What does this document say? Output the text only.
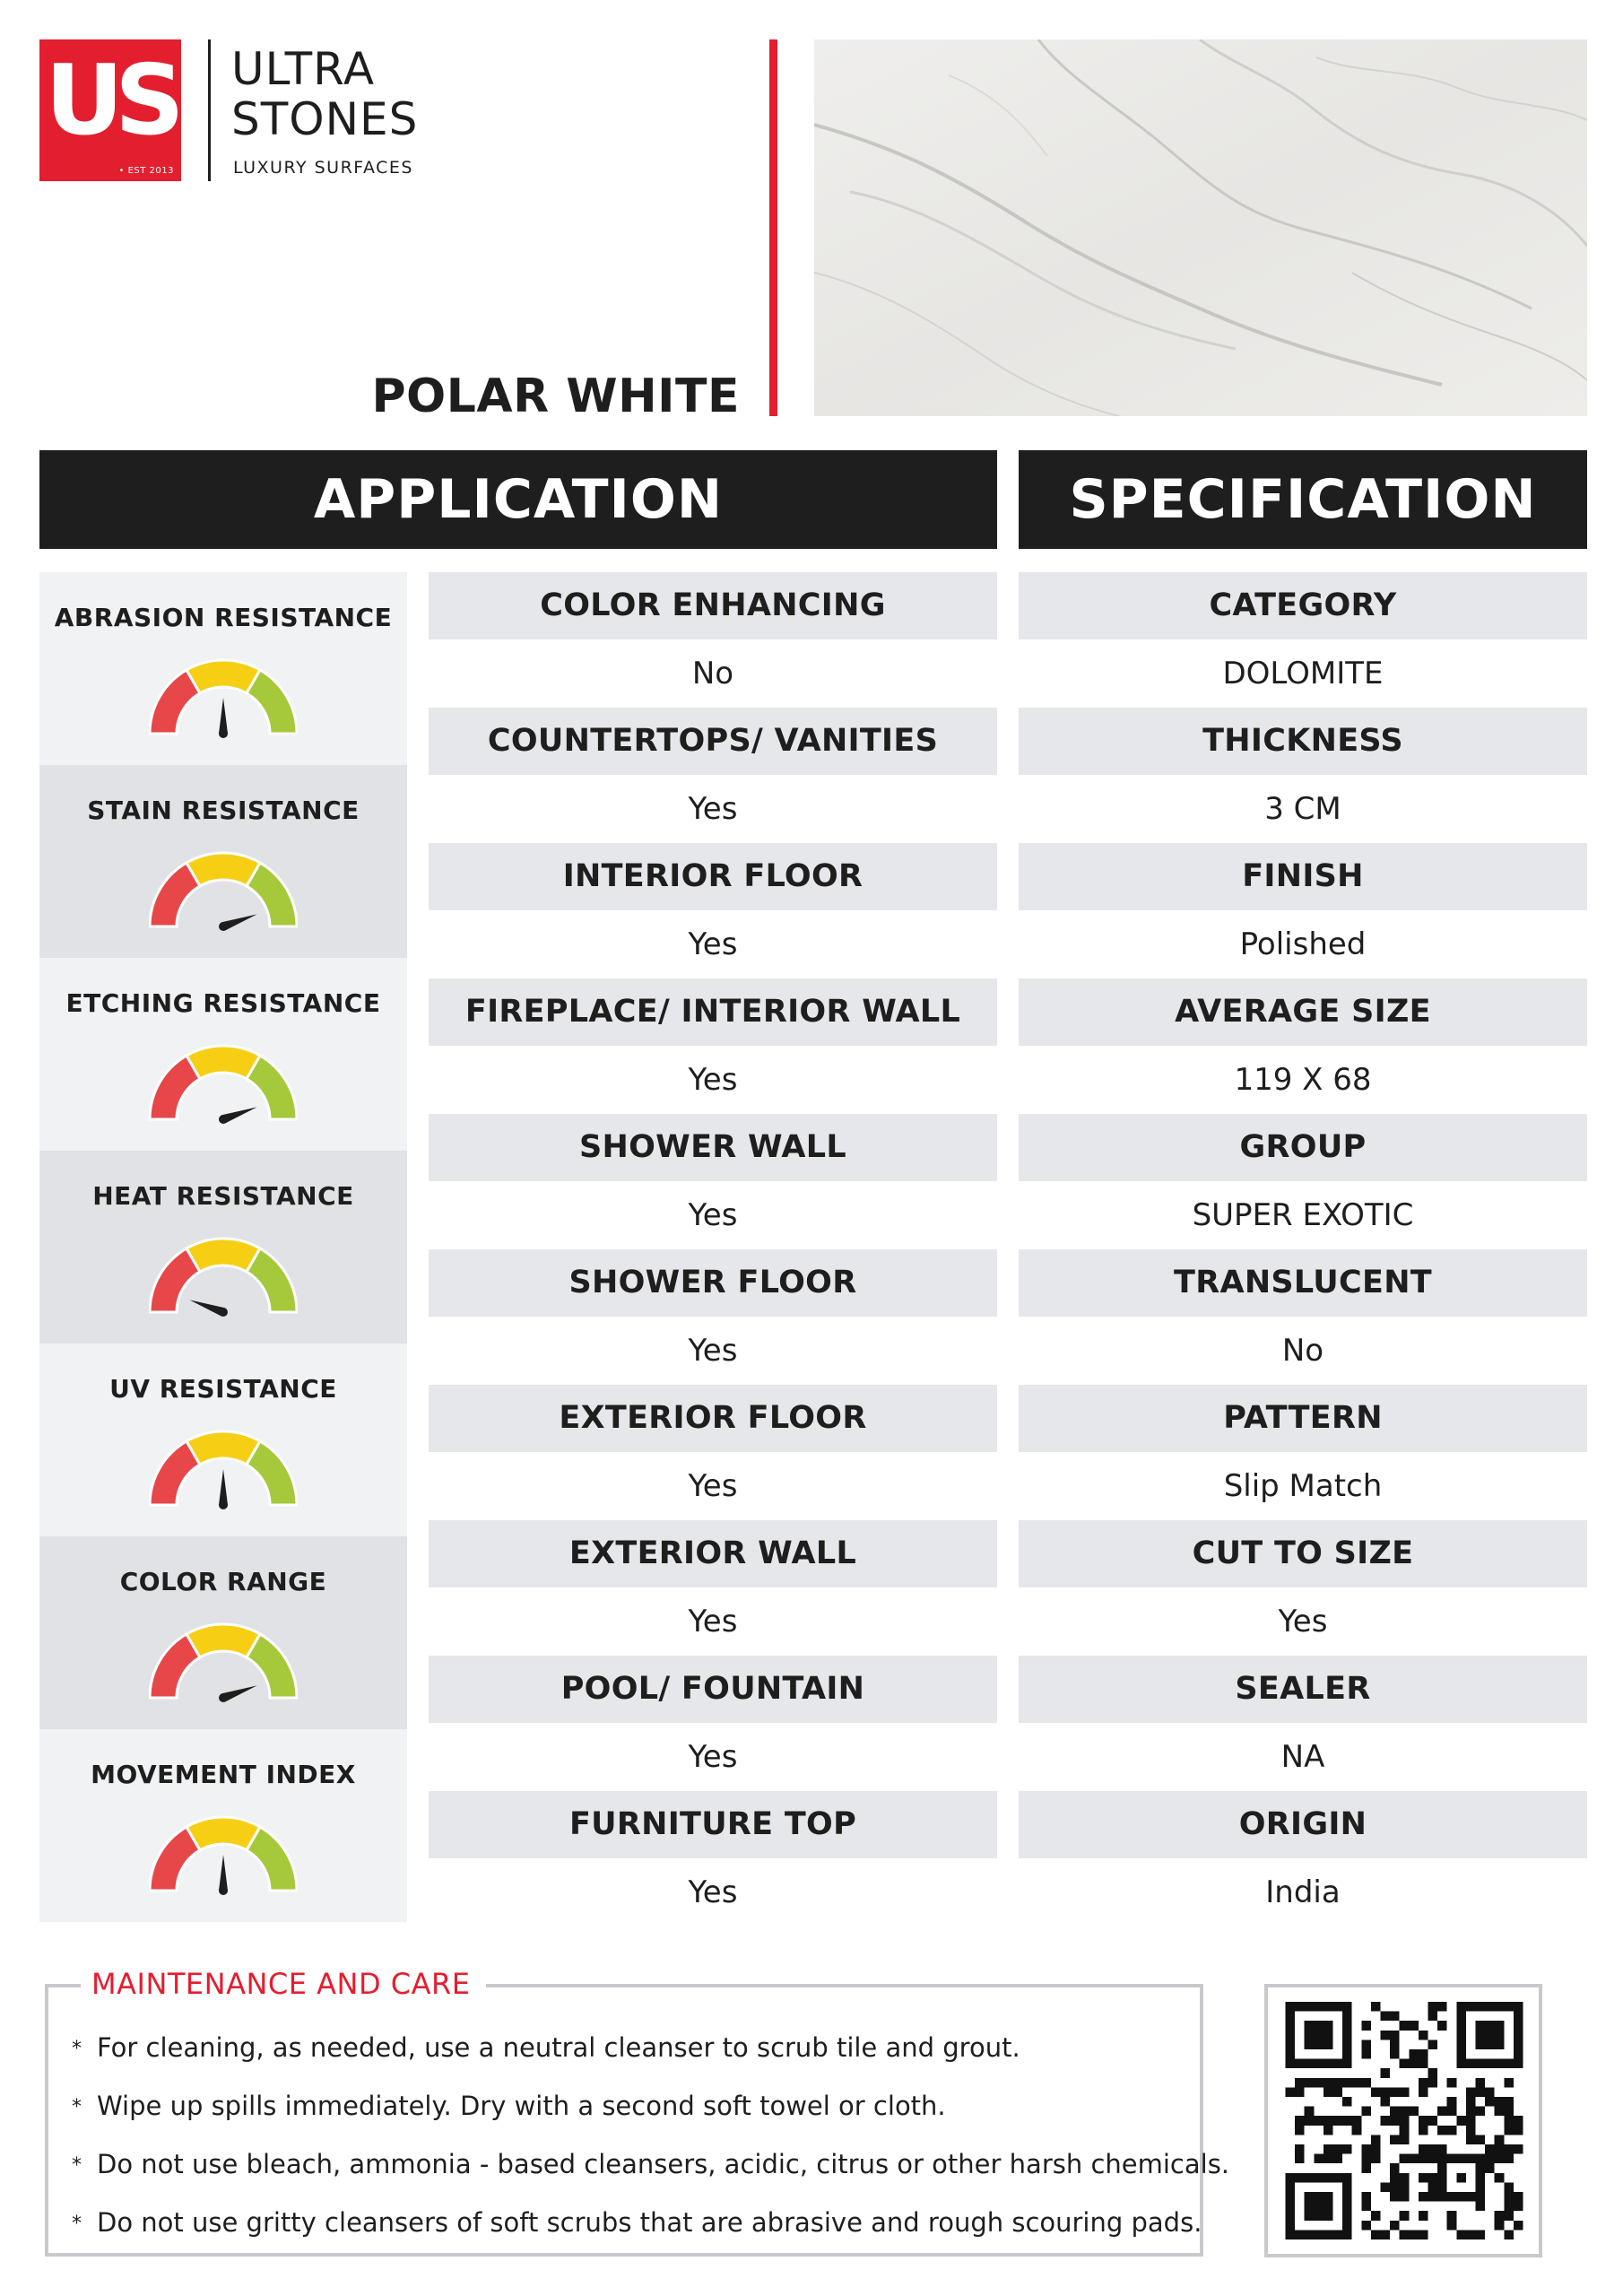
US
• EST 2013
ULTRA
STONES
LUXURY SURFACES
POLAR WHITE
APPLICATION	SPECIFICATION
ABRASION RESISTANCE
STAIN RESISTANCE
ETCHING RESISTANCE
HEAT RESISTANCE
UV RESISTANCE
COLOR RANGE
MOVEMENT INDEX
COLOR ENHANCING
No
COUNTERTOPS/ VANITIES
Yes
INTERIOR FLOOR
Yes
FIREPLACE/ INTERIOR WALL
Yes
SHOWER WALL
Yes
SHOWER FLOOR
Yes
EXTERIOR FLOOR
Yes
EXTERIOR WALL
Yes
POOL/ FOUNTAIN
Yes
FURNITURE TOP
Yes
CATEGORY
DOLOMITE
THICKNESS
3 CM
FINISH
Polished
AVERAGE SIZE
119 X 68
GROUP
SUPER EXOTIC
TRANSLUCENT
No
PATTERN
Slip Match
CUT TO SIZE
Yes
SEALER
NA
ORIGIN
India
MAINTENANCE AND CARE
* For cleaning, as needed, use a neutral cleanser to scrub tile and grout.
* Wipe up spills immediately. Dry with a second soft towel or cloth.
* Do not use bleach, ammonia - based cleansers, acidic, citrus or other harsh chemicals.
* Do not use gritty cleansers of soft scrubs that are abrasive and rough scouring pads.
